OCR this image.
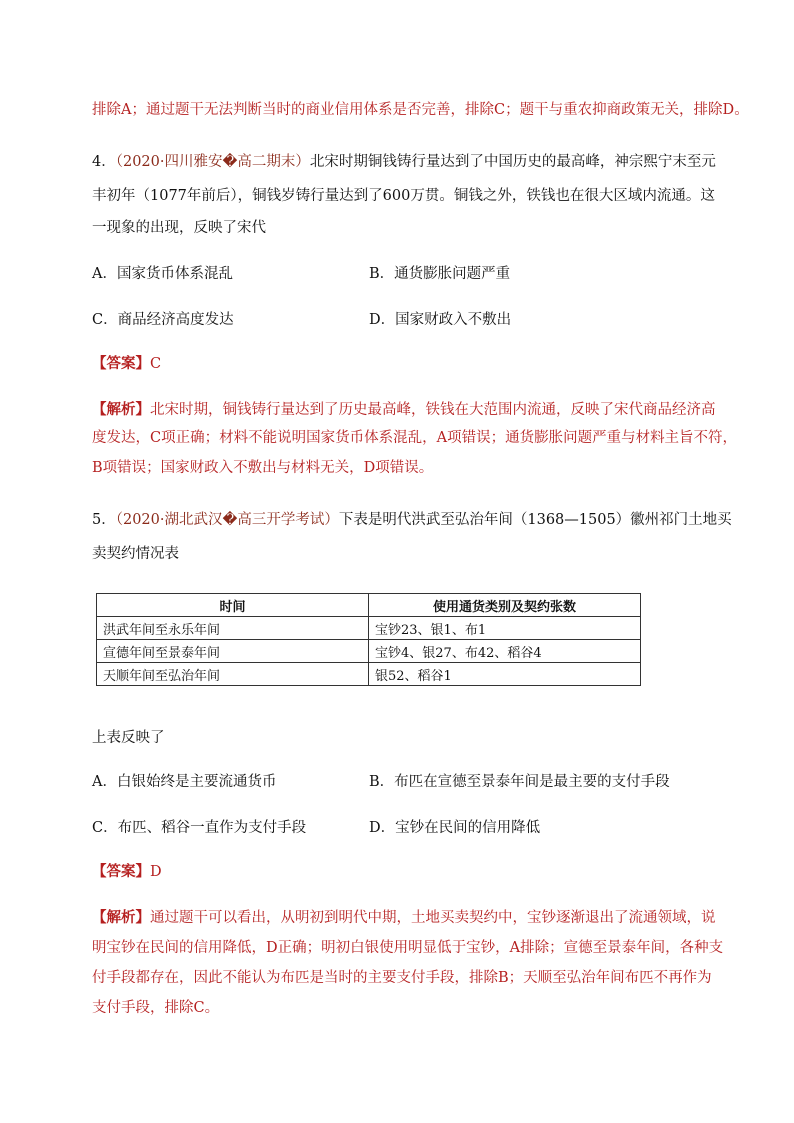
排除A；通过题干无法判断当时的商业信用体系是否完善，排除C；题干与重农抑商政策无关，排除D。
4．（2020·四川雅安�高二期末）北宋时期铜钱铸行量达到了中国历史的最高峰，神宗熙宁末至元
丰初年（1077年前后），铜钱岁铸行量达到了600万贯。铜钱之外，铁钱也在很大区域内流通。这
一现象的出现，反映了宋代
A．国家货币体系混乱	B．通货膨胀问题严重
C．商品经济高度发达	D．国家财政入不敷出
【答案】C
【解析】北宋时期，铜钱铸行量达到了历史最高峰，铁钱在大范围内流通，反映了宋代商品经济高
度发达，C项正确；材料不能说明国家货币体系混乱，A项错误；通货膨胀问题严重与材料主旨不符，
B项错误；国家财政入不敷出与材料无关，D项错误。
5．（2020·湖北武汉�高三开学考试）下表是明代洪武至弘治年间（1368—1505）徽州祁门土地买
卖契约情况表
时间	使用通货类别及契约张数
洪武年间至永乐年间	宝钞23、银1、布1
宣德年间至景泰年间	宝钞4、银27、布42、稻谷4
天顺年间至弘治年间	银52、稻谷1
上表反映了
A．白银始终是主要流通货币	B．布匹在宣德至景泰年间是最主要的支付手段
C．布匹、稻谷一直作为支付手段	D．宝钞在民间的信用降低
【答案】D
【解析】通过题干可以看出，从明初到明代中期，土地买卖契约中，宝钞逐渐退出了流通领域，说
明宝钞在民间的信用降低，D正确；明初白银使用明显低于宝钞，A排除；宣德至景泰年间，各种支
付手段都存在，因此不能认为布匹是当时的主要支付手段，排除B；天顺至弘治年间布匹不再作为
支付手段，排除C。
